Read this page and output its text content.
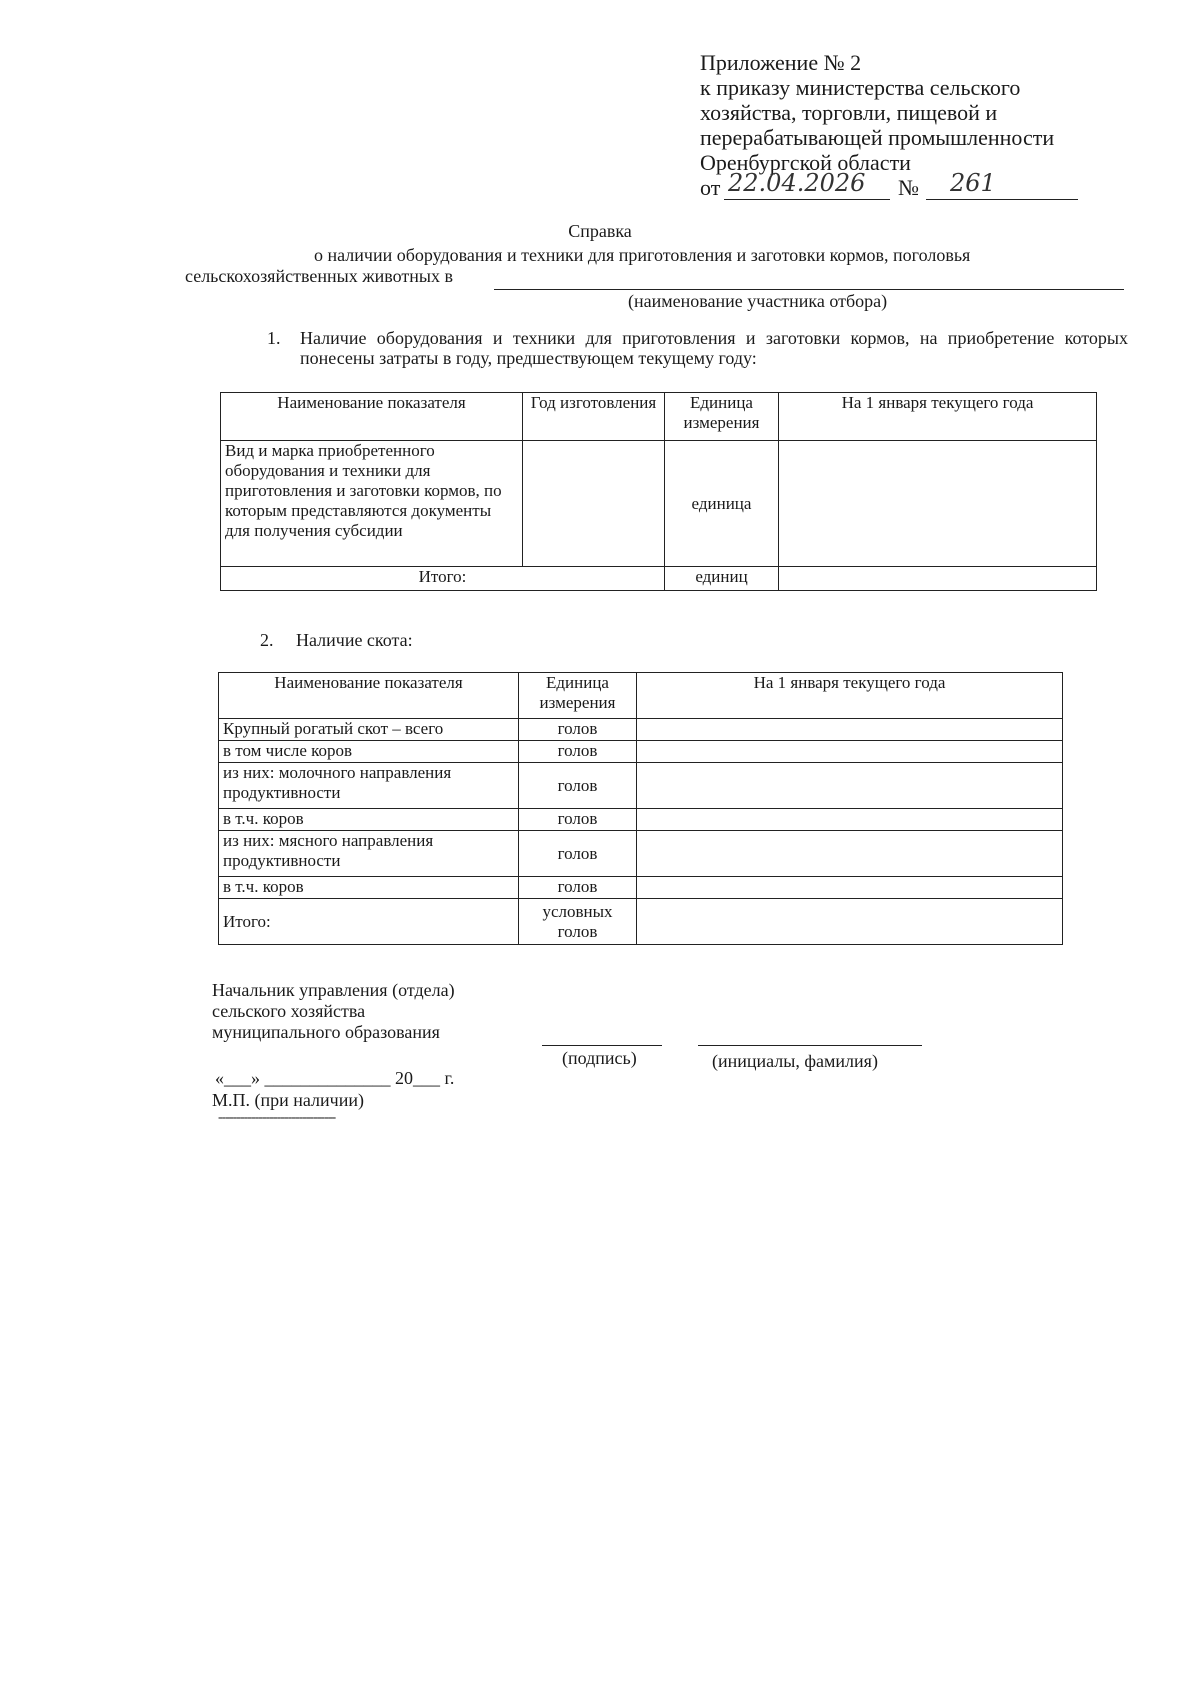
Приложение № 2
к приказу министерства сельского
хозяйства, торговли, пищевой и
перерабатывающей промышленности
Оренбургской области
от 22.04.2026 № 261
Справка
о наличии оборудования и техники для приготовления и заготовки кормов, поголовья
сельскохозяйственных животных в
(наименование участника отбора)
1. Наличие оборудования и техники для приготовления и заготовки кормов, на приобретение которых понесены затраты в году, предшествующем текущему году:
Наименование показателя	Год изготовления	Единица измерения	На 1 января текущего года
Вид и марка приобретенного оборудования и техники для приготовления и заготовки кормов, по которым представляются документы для получения субсидии		единица	
Итого:		единиц	
2. Наличие скота:
Наименование показателя	Единица измерения	На 1 января текущего года
Крупный рогатый скот – всего	голов	
в том числе коров	голов	
из них: молочного направления продуктивности	голов	
в т.ч. коров	голов	
из них: мясного направления продуктивности	голов	
в т.ч. коров	голов	
Итого:	условных голов	
Начальник управления (отдела)
сельского хозяйства
муниципального образования
(подпись)	(инициалы, фамилия)
«___» ______________ 20___ г.
М.П. (при наличии)
--------------------------------
